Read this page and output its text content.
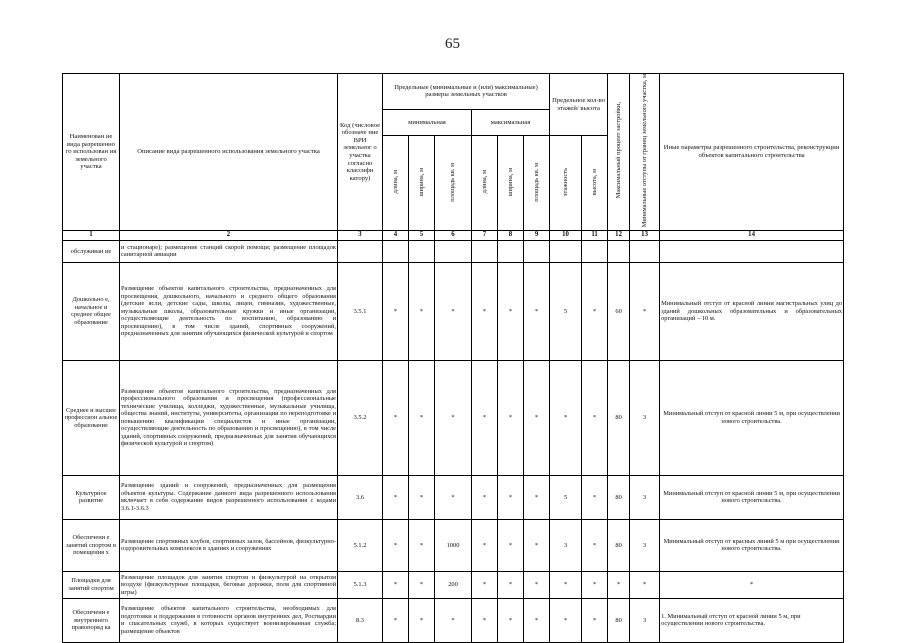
65
Наименован ие вида разрешенно го использован ия земельного участка	Описание вида разрешенного использования земельного участка	Код (числовое обозначе ние ВРИ земельног о участка согласно классифи катору)	Предельные (минимальные и (или) максимальные) размеры земельных участков						Предельное кол-во этажей/ высота		Максимальный процент застройки,	Минимальные отступы от границ земельного участка, м	Иные параметры разрешенного строительства, реконструкции объектов капитального строительства
			минимальная			максимальная							
			длина, м	ширина, м	площадь кв. м	длина, м	ширина, м	площадь кв. м	этажность	высота, м			
1	2	3	4	5	6	7	8	9	10	11	12	13	14
обслуживан ие	и стационаре); размещение станций скорой помощи; размещение площадок санитарной авиации												
Дошкольно е, начальное и среднее общее образование	Размещение объектов капитального строительства, предназначенных для просвещения, дошкольного, начального и среднего общего образования (детские ясли, детские сады, школы, лицеи, гимназии, художественные, музыкальные школы, образовательные кружки и иные организации, осуществляющие деятельность по воспитанию, образованию и просвещению), в том числе зданий, спортивных сооружений, предназначенных для занятия обучающихся физической культурой и спортом	3.5.1	*	*	*	*	*	*	5	*	60	*	Минимальный отступ от красной линии магистральных улиц до зданий дошкольных образовательных и образовательных организаций – 10 м.
Среднее и высшее профессион альное образование	Размещение объектов капитального строительства, предназначенных для профессионального образования и просвещения (профессиональные технические училища, колледжи, художественные, музыкальные училища, общества знаний, институты, университеты, организации по переподготовке и повышению квалификации специалистов и иные организации, осуществляющие деятельность по образованию и просвещению), в том числе зданий, спортивных сооружений, предназначенных для занятия обучающихся физической культурой и спортом)	3.5.2	*	*	*	*	*	*	*	*	80	3	Минимальный отступ от красной линии 5 м, при осуществлении нового строительства.
Культурное развитие	Размещение зданий и сооружений, предназначенных для размещения объектов культуры. Содержание данного вида разрешенного использования включает в себя содержание видов разрешенного использования с кодами 3.6.1-3.6.3	3.6	*	*	*	*	*	*	5	*	80	3	Минимальный отступ от красной линии 5 м, при осуществлении нового строительства.
Обеспечени е занятий спортом в помещения х	Размещение спортивных клубов, спортивных залов, бассейнов, физкультурно-оздоровительных комплексов в зданиях и сооружениях	5.1.2	*	*	1000	*	*	*	3	*	80	3	Минимальный отступ от красных линий 5 м при осуществлении нового строительства.
Площадки для занятий спортом	Размещение площадок для занятия спортом и физкультурой на открытом воздухе (физкультурные площадки, беговые дорожки, поля для спортивной игры)	5.1.3	*	*	200	*	*	*	*	*	*	*	*
Обеспечени е внутреннего правопоряд ка	Размещение объектов капитального строительства, необходимых для подготовки и поддержания в готовности органов внутренних дел, Росгвардии и спасательных служб, в которых существует военизированная служба; размещение объектов	8.3	*	*	*	*	*	*	*	*	80	3	1. Минимальный отступ от красной линии 5 м, при осуществлении нового строительства.
